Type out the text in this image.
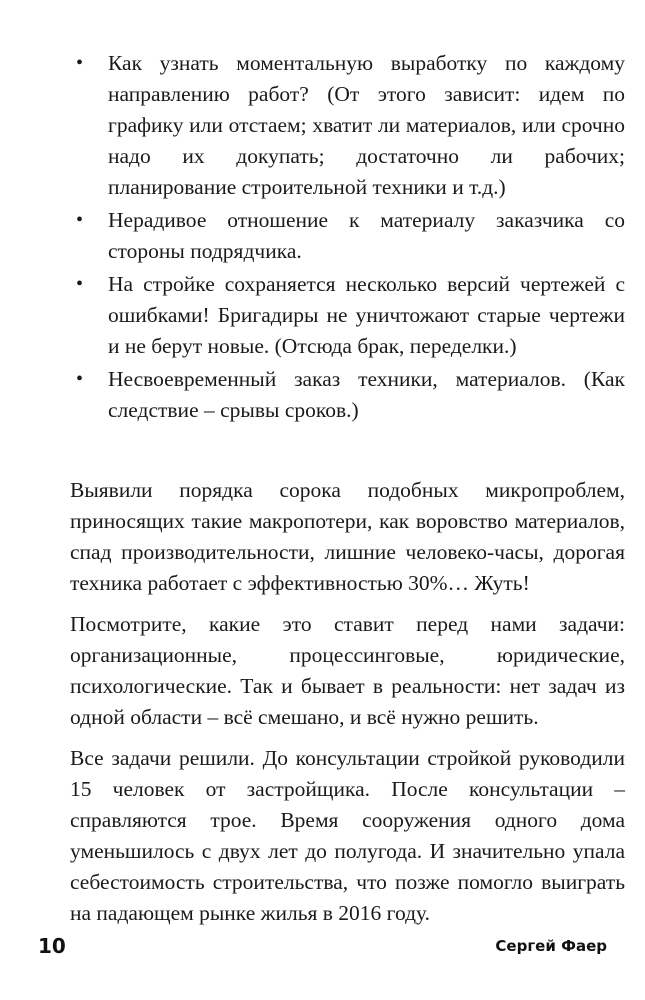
• Как узнать моментальную выработку по каждому направлению работ? (От этого зависит: идем по графику или отстаем; хватит ли материалов, или срочно надо их докупать; достаточно ли рабочих; планирование строительной техники и т.д.)
• Нерадивое отношение к материалу заказчика со стороны подрядчика.
• На стройке сохраняется несколько версий чертежей с ошибками! Бригадиры не уничтожают старые чертежи и не берут новые. (Отсюда брак, переделки.)
• Несвоевременный заказ техники, материалов. (Как следствие – срывы сроков.)

Выявили порядка сорока подобных микропроблем, приносящих такие макропотери, как воровство материалов, спад производительности, лишние человеко-часы, дорогая техника работает с эффективностью 30%… Жуть!

Посмотрите, какие это ставит перед нами задачи: организационные, процессинговые, юридические, психологические. Так и бывает в реальности: нет задач из одной области – всё смешано, и всё нужно решить.

Все задачи решили. До консультации стройкой руководили 15 человек от застройщика. После консультации – справляются трое. Время сооружения одного дома уменьшилось с двух лет до полугода. И значительно упала себестоимость строительства, что позже помогло выиграть на падающем рынке жилья в 2016 году.

10	Сергей Фаер
